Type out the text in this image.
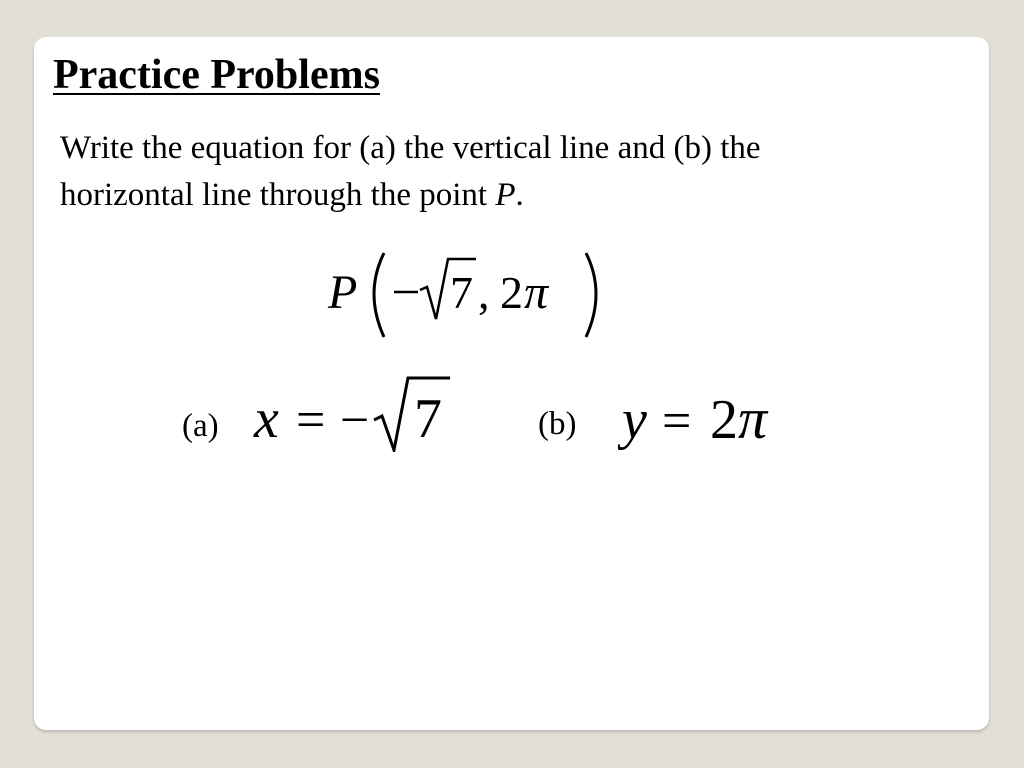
Practice Problems
Write the equation for (a) the vertical line and (b) the
horizontal line through the point P.
P 7 , 2 π
(a) x = − 7	(b) y = 2 π
